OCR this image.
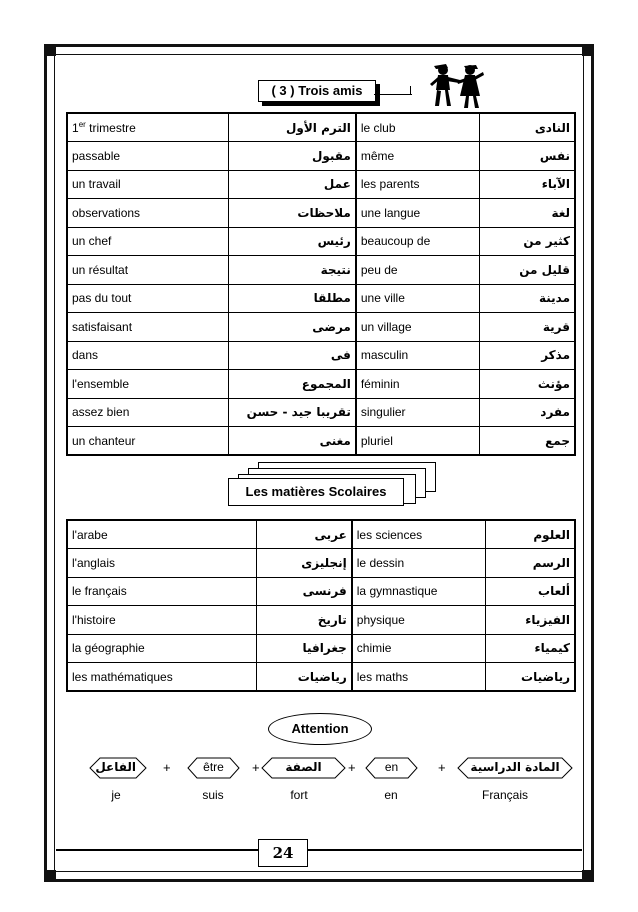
( 3 ) Trois amis
1er trimestre	الترم الأول	le club	النادى
passable	مقبول	même	نفس
un travail	عمل	les parents	الآباء
observations	ملاحظات	une langue	لغة
un chef	رئيس	beaucoup de	كثير من
un résultat	نتيجة	peu de	قليل من
pas du tout	مطلقا	une ville	مدينة
satisfaisant	مرضى	un village	قرية
dans	فى	masculin	مذكر
l'ensemble	المجموع	féminin	مؤنث
assez bien	تقريبا جيد - حسن	singulier	مفرد
un chanteur	مغنى	pluriel	جمع
Les matières Scolaires
l'arabe	عربى	les sciences	العلوم
l'anglais	إنجليزى	le dessin	الرسم
le français	فرنسى	la gymnastique	ألعاب
l'histoire	تاريخ	physique	الفيزياء
la géographie	جغرافيا	chimie	كيمياء
les mathématiques	رياضيات	les maths	رياضيات
Attention
الفاعل	être	الصفة	en	المادة الدراسية
+	+	+	+
je	suis	fort	en	Français
24
